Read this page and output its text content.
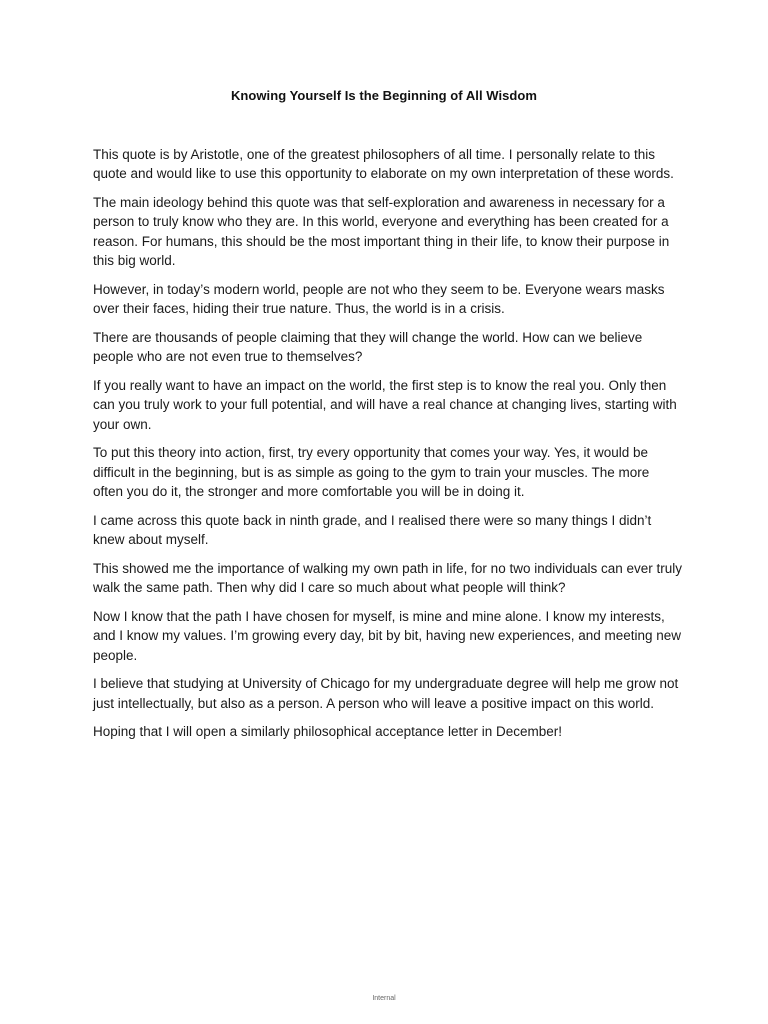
Knowing Yourself Is the Beginning of All Wisdom

This quote is by Aristotle, one of the greatest philosophers of all time. I personally relate to this quote and would like to use this opportunity to elaborate on my own interpretation of these words.

The main ideology behind this quote was that self-exploration and awareness in necessary for a person to truly know who they are. In this world, everyone and everything has been created for a reason. For humans, this should be the most important thing in their life, to know their purpose in this big world.

However, in today’s modern world, people are not who they seem to be. Everyone wears masks over their faces, hiding their true nature. Thus, the world is in a crisis.

There are thousands of people claiming that they will change the world. How can we believe people who are not even true to themselves?

If you really want to have an impact on the world, the first step is to know the real you. Only then can you truly work to your full potential, and will have a real chance at changing lives, starting with your own.

To put this theory into action, first, try every opportunity that comes your way. Yes, it would be difficult in the beginning, but is as simple as going to the gym to train your muscles. The more often you do it, the stronger and more comfortable you will be in doing it.

I came across this quote back in ninth grade, and I realised there were so many things I didn’t knew about myself.

This showed me the importance of walking my own path in life, for no two individuals can ever truly walk the same path. Then why did I care so much about what people will think?

Now I know that the path I have chosen for myself, is mine and mine alone. I know my interests, and I know my values. I’m growing every day, bit by bit, having new experiences, and meeting new people.

I believe that studying at University of Chicago for my undergraduate degree will help me grow not just intellectually, but also as a person. A person who will leave a positive impact on this world.

Hoping that I will open a similarly philosophical acceptance letter in December!

Internal
